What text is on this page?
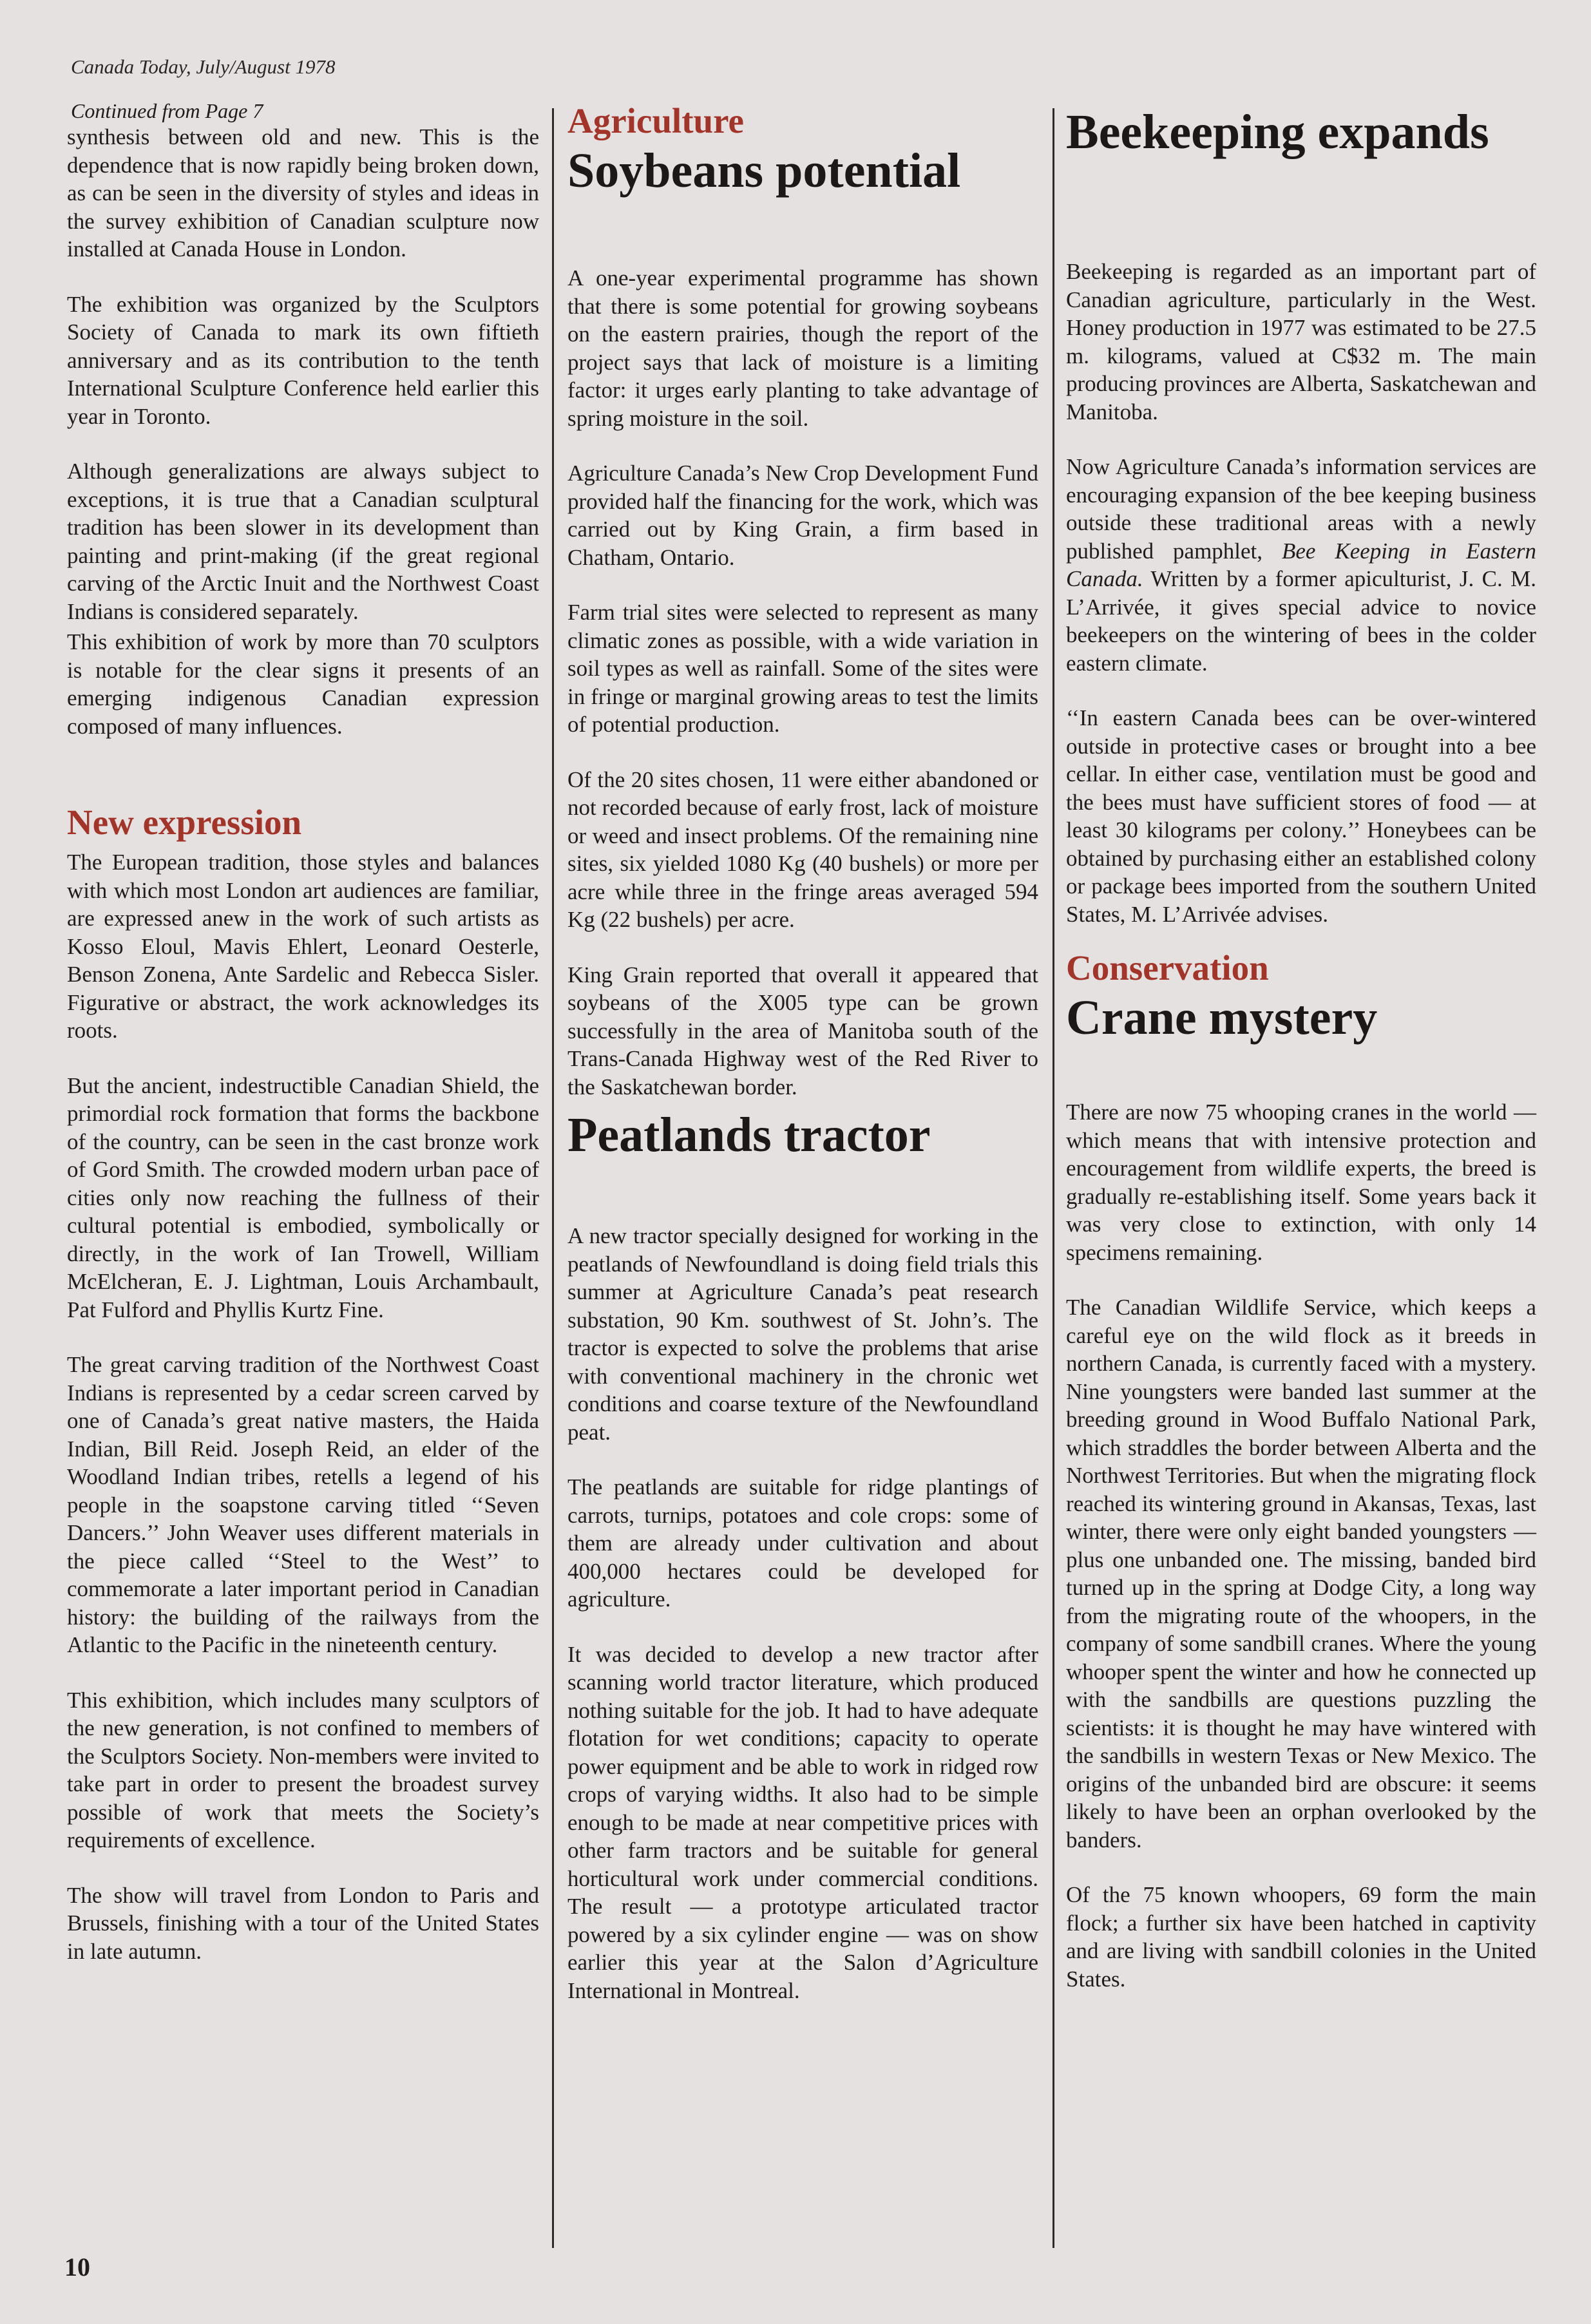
Canada Today, July/August 1978
Continued from Page 7

synthesis between old and new. This is the dependence that is now rapidly being broken down, as can be seen in the diversity of styles and ideas in the survey exhibition of Canadian sculpture now installed at Canada House in London.

The exhibition was organized by the Sculptors Society of Canada to mark its own fiftieth anniversary and as its contribution to the tenth International Sculpture Conference held earlier this year in Toronto.

Although generalizations are always subject to exceptions, it is true that a Canadian sculptural tradition has been slower in its development than painting and print-making (if the great regional carving of the Arctic Inuit and the Northwest Coast Indians is considered separately.

This exhibition of work by more than 70 sculptors is notable for the clear signs it presents of an emerging indigenous Canadian expression composed of many influences.

New expression

The European tradition, those styles and balances with which most London art audiences are familiar, are expressed anew in the work of such artists as Kosso Eloul, Mavis Ehlert, Leonard Oesterle, Benson Zonena, Ante Sardelic and Rebecca Sisler. Figurative or abstract, the work acknowledges its roots.

But the ancient, indestructible Canadian Shield, the primordial rock formation that forms the backbone of the country, can be seen in the cast bronze work of Gord Smith. The crowded modern urban pace of cities only now reaching the fullness of their cultural potential is embodied, symbolically or directly, in the work of Ian Trowell, William McElcheran, E. J. Lightman, Louis Archambault, Pat Fulford and Phyllis Kurtz Fine.

The great carving tradition of the Northwest Coast Indians is represented by a cedar screen carved by one of Canada’s great native masters, the Haida Indian, Bill Reid. Joseph Reid, an elder of the Woodland Indian tribes, retells a legend of his people in the soapstone carving titled ‘‘Seven Dancers.’’ John Weaver uses different materials in the piece called ‘‘Steel to the West’’ to commemorate a later important period in Canadian history: the building of the railways from the Atlantic to the Pacific in the nineteenth century.

This exhibition, which includes many sculptors of the new generation, is not confined to members of the Sculptors Society. Non-members were invited to take part in order to present the broadest survey possible of work that meets the Society’s requirements of excellence.

The show will travel from London to Paris and Brussels, finishing with a tour of the United States in late autumn.

Agriculture
Soybeans potential

A one-year experimental programme has shown that there is some potential for growing soybeans on the eastern prairies, though the report of the project says that lack of moisture is a limiting factor: it urges early planting to take advantage of spring moisture in the soil.

Agriculture Canada’s New Crop Development Fund provided half the financing for the work, which was carried out by King Grain, a firm based in Chatham, Ontario.

Farm trial sites were selected to represent as many climatic zones as possible, with a wide variation in soil types as well as rainfall. Some of the sites were in fringe or marginal growing areas to test the limits of potential production.

Of the 20 sites chosen, 11 were either abandoned or not recorded because of early frost, lack of moisture or weed and insect problems. Of the remaining nine sites, six yielded 1080 Kg (40 bushels) or more per acre while three in the fringe areas averaged 594 Kg (22 bushels) per acre.

King Grain reported that overall it appeared that soybeans of the X005 type can be grown successfully in the area of Manitoba south of the Trans-Canada Highway west of the Red River to the Saskatchewan border.

Peatlands tractor

A new tractor specially designed for working in the peatlands of Newfoundland is doing field trials this summer at Agriculture Canada’s peat research substation, 90 Km. southwest of St. John’s. The tractor is expected to solve the problems that arise with conventional machinery in the chronic wet conditions and coarse texture of the Newfoundland peat.

The peatlands are suitable for ridge plantings of carrots, turnips, potatoes and cole crops: some of them are already under cultivation and about 400,000 hectares could be developed for agriculture.

It was decided to develop a new tractor after scanning world tractor literature, which produced nothing suitable for the job. It had to have adequate flotation for wet conditions; capacity to operate power equipment and be able to work in ridged row crops of varying widths. It also had to be simple enough to be made at near competitive prices with other farm tractors and be suitable for general horticultural work under commercial conditions. The result — a prototype articulated tractor powered by a six cylinder engine — was on show earlier this year at the Salon d’Agriculture International in Montreal.

Beekeeping expands

Beekeeping is regarded as an important part of Canadian agriculture, particularly in the West. Honey production in 1977 was estimated to be 27.5 m. kilograms, valued at C$32 m. The main producing provinces are Alberta, Saskatchewan and Manitoba.

Now Agriculture Canada’s information services are encouraging expansion of the bee keeping business outside these traditional areas with a newly published pamphlet, Bee Keeping in Eastern Canada. Written by a former apiculturist, J. C. M. L’Arrivée, it gives special advice to novice beekeepers on the wintering of bees in the colder eastern climate.

‘‘In eastern Canada bees can be over-wintered outside in protective cases or brought into a bee cellar. In either case, ventilation must be good and the bees must have sufficient stores of food — at least 30 kilograms per colony.’’ Honeybees can be obtained by purchasing either an established colony or package bees imported from the southern United States, M. L’Arrivée advises.

Conservation
Crane mystery

There are now 75 whooping cranes in the world — which means that with intensive protection and encouragement from wildlife experts, the breed is gradually re-establishing itself. Some years back it was very close to extinction, with only 14 specimens remaining.

The Canadian Wildlife Service, which keeps a careful eye on the wild flock as it breeds in northern Canada, is currently faced with a mystery. Nine youngsters were banded last summer at the breeding ground in Wood Buffalo National Park, which straddles the border between Alberta and the Northwest Territories. But when the migrating flock reached its wintering ground in Akansas, Texas, last winter, there were only eight banded youngsters — plus one unbanded one. The missing, banded bird turned up in the spring at Dodge City, a long way from the migrating route of the whoopers, in the company of some sandbill cranes. Where the young whooper spent the winter and how he connected up with the sandbills are questions puzzling the scientists: it is thought he may have wintered with the sandbills in western Texas or New Mexico. The origins of the unbanded bird are obscure: it seems likely to have been an orphan overlooked by the banders.

Of the 75 known whoopers, 69 form the main flock; a further six have been hatched in captivity and are living with sandbill colonies in the United States.

10
